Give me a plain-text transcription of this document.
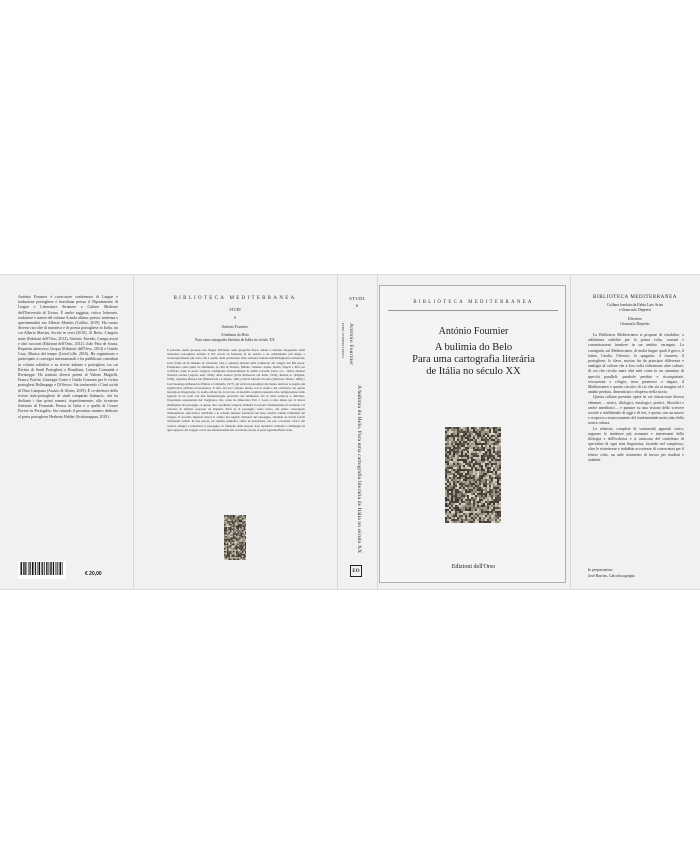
António Fournier è ricercatore confermato di Lingue e traduzione portoghese e brasiliana presso il Dipartimento di Lingue e Letterature Straniere e Culture Moderne dell'Università di Torino. È anche saggista, critico letterario, traduttore e autore del volume A anda ultima: poesia, sentenza e sperimentalità em Alberto Martins (Colibri, 2019). Ha curato diverse raccolte di narrativa e di poesia portoghese in Italia, tra cui Alberto Martins, Scritte in versi (2010), Al Berto, L'angelo mute (Edizioni dell'Orso, 2012), António Torrado, Campo avoaí e altri racconti (Edizioni dell'Orso, 2012), João Paiu de Sousa, Requiem attraverso l'acqua (Edizioni dell'Orso, 2014) e Gastão Cruz, Musica del tempo (LietoColle, 2016). Ha organizzato e partecipato a convegni internazionali e ha pubblicato contributi in volumi collettivi e su riviste italiane e portoghesi, tra cui Rivista di Studi Portoghesi e Brasiliani, Letture Comunità e Rivisteppe. Ha tradotto diversi poemi di Valerio Magrelli, Franco Fortini, Giuseppe Conte e Guido Gozzano per le rivista portoghesi Relâmpago e DiVersos. Sta traducendo i Cinti scritti di Dino Campana (Assírio & Alvim, 2019). È co-direttore della rivista italo-portoghese di studi comparati Salmacis, che ha dedicato i due primi numeri, rispettivamente, alla ricezione letteraria di Fernando Pessoa in Italia e a quella di Cesare Pavese in Portogallo. Sta curando il prossimo numero dedicato al poeta portoghese Herberto Helder (Scrittarappan, 2018).

€ 20,00
BIBLIOTECA MEDITERRANEA
STUDI
6
António Fournier
A bulimia do Belo
Para uma cartografia literária de Itália no século XX

Il presente studio propone una mappa dell'Italia come geografia fisica, umana e mentale frequentata dalla letteratura portoghese durante il XX secolo in funzione di un quadro e un ordinamento più ampio e cronologicamente più vasto che è quello della persistenza della tematica italiana nell'immaginario universale, sotto forma di un insieme di attrazioni, idee e opinioni inserite nella tradizione del viaggio nel Bel paese. Prendiamo come punti di riferimento le città di Firenze, Milano, Venezia, Assisi, Roma, Napoli e Pisa per verificare come le stesse vengono configurate letterariamente da Jaime Cortesão (Arte, ecc., 1922), Manuel Teixeira Gomes (Agosto azul, 1904), Abel Salazar (Uma Primavera em Itália, 1934), Rubem A. (Páginia, 1956), Agustina Bessa-Luís (Embaixada a Calígula, 1961), David Mourão-Ferreira (Discurso Direto, 1969) e José Saramago (Manual de Pintura e Caligrafia, 1977), gli scrittori portoghesi che hanno dedicato le pagine più significative all'Italia novecentesca. Il tutto del loro contatto diretto con la realtà e del confronto con questa prestigiosa Imagologia. Lo studio abbraccia, da un lato, la modalità cognitiva inerente alla configurazione dello sguardo di un certo con una fenomenologia pervasiva del sentimento del sé dello scrittore e, dall'altro, l'esperienza sequenziale del viaggiatore che, come ha dimostrato Eric J. Leed, è stato inteso per la lettera intelligente del paesaggio. A questo duo coordinate vengono abbinati il concetto fondamentale di svolazzio e il concetto di turismo proposto da Eugenio Turri ne Il paesaggio come teatro, dal primo convergono l'immaginario apriovistico dell'Italia e lo schema mentale formatosi nel lasso inseriti tramite l'emblema del viaggio. Il secondo riguarda invece il campo dei segnali rivelatori del paesaggio, chiamati da Kevin Lynch riferimenti radiali. In una parola, un sistema semiotico ritmo in interazione con una coscienza critica che osserva, integra e relativizza il paesaggio, in funzione della proprio stato ispirativa culturale e all'insegna di quel rapporto del viaggio con la sua intenzionalità alla vocazione di essi si parla Agustina Bessa-Luís.

STUDI
6
ISBN 9788862748953 António Fournier
A bulimia do Belo. Para uma cartografia literária de Itália no século XX
EO
BIBLIOTECA MEDITERRANEA
António Fournier
A bulimia do Belo
Para uma cartografia literária
de Itália no século XX
Edizioni dell'Orso
BIBLIOTECA MEDITERRANEA
Collana fondata da Fabio Lais Arias
e Giancarlo Depretis
Direttore
Giancarlo Depretis

La Biblioteca Mediterranea si propone di ristabilire, o addirittura stabilire per la prima volta, contatti e comunicazioni frontiere in un ambito variegato. La contiguità, sul Mediterraneo, di molte lingue quali il greco, il latino, l'arabo, l'ebraico, lo spagnolo, il francese, il portoghese, lo slavo, mostra fin da principio differenze e analogie di culture che a loro volta richiamano altre culture, di cui che rivolto mare altri miti come in un cammino di specchi paralleli: parabole perdute e riconquistate, evocazione e rifugio, terra promessa o negata, il Mediterraneo e questo riscritto di cio che sta ai margini od è andato perduto, dimenticato o disperso nella storia.

Questa collana presenta opere in cui rintracciare diversi elementi – storici, filologici, etnologici, poetici, filosofici e anche aneddotici – e puntare su una visione dello scrivere sociale e intellettuale di oggi e di ieri, e questo con un nuovo e reciproco riconoscimento del fondamentale meticciato della nostra cultura.

Le edizioni, complete di sostanziali apparati critici, seguono le tendenze più avanzate e interessanti della filologia e dell'ecdotica e si uniscono del contributo di specialisti di ogni area linguistica, facendo nel complesso, oltre le ristrettezze e indubbie accortezze di conoscenza per il lettore colto, un utile strumento di lavoro per studiosi e studenti.

In preparazione
José Barrias, Calcolocograpia.
